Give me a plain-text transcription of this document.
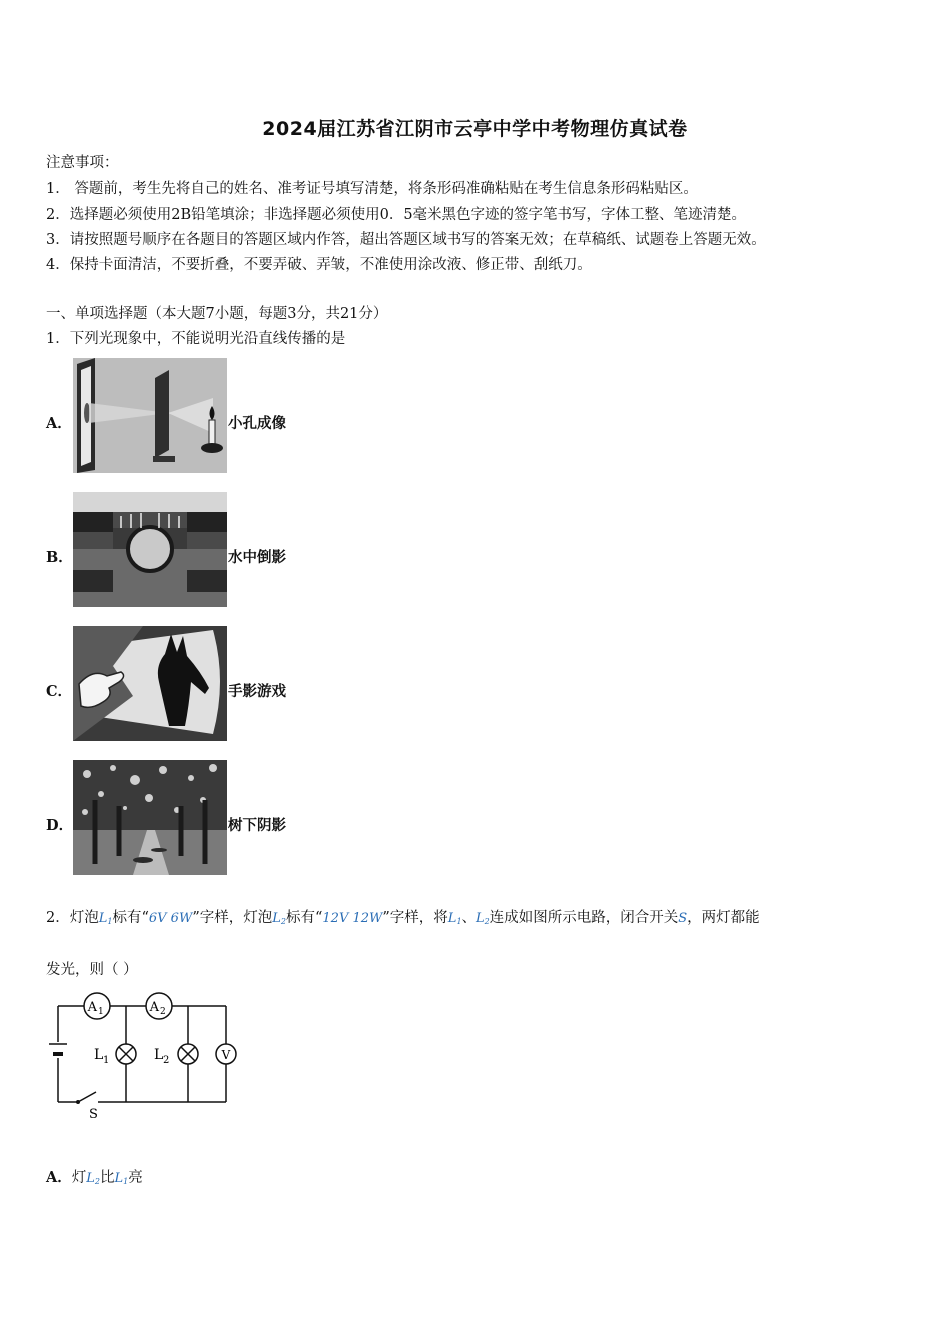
2024届江苏省江阴市云亭中学中考物理仿真试卷
注意事项：
1． 答题前，考生先将自己的姓名、准考证号填写清楚，将条形码准确粘贴在考生信息条形码粘贴区。
2．选择题必须使用2B铅笔填涂；非选择题必须使用0．5毫米黑色字迹的签字笔书写，字体工整、笔迹清楚。
3．请按照题号顺序在各题目的答题区域内作答，超出答题区域书写的答案无效；在草稿纸、试题卷上答题无效。
4．保持卡面清洁，不要折叠，不要弄破、弄皱，不准使用涂改液、修正带、刮纸刀。
一、单项选择题（本大题7小题，每题3分，共21分）
1．下列光现象中，不能说明光沿直线传播的是
A．	小孔成像
B．	水中倒影
C．	手影游戏
D．	树下阴影
2．灯泡$L_1$标有“6V 6W”字样，灯泡$L_2$标有“12V 12W”字样，将$L_1$、$L_2$连成如图所示电路，闭合开关S，两灯都能
发光，则（ ）
A 1	A 2
L 1	L 2	V
S
A．灯$L_2$比$L_1$亮
